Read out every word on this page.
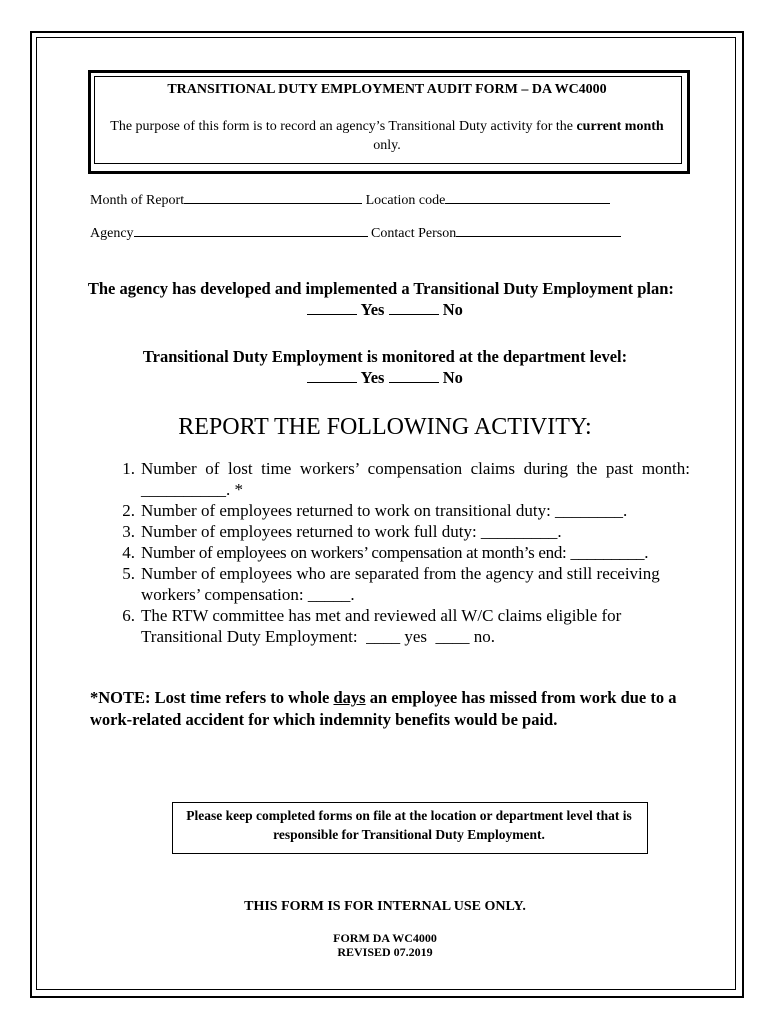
TRANSITIONAL DUTY EMPLOYMENT AUDIT FORM – DA WC4000
The purpose of this form is to record an agency’s Transitional Duty activity for the current month only.
Month of Report	Location code
Agency	Contact Person
The agency has developed and implemented a Transitional Duty Employment plan:    Yes	No
Transitional Duty Employment is monitored at the department level:
Yes	No
REPORT THE FOLLOWING ACTIVITY:
1. Number of lost time workers’ compensation claims during the past month: __________. *
2. Number of employees returned to work on transitional duty: ________.
3. Number of employees returned to work full duty: _________.
4. Number of employees on workers’ compensation at month’s end: _________.
5. Number of employees who are separated from the agency and still receiving workers’ compensation: _____.
6. The RTW committee has met and reviewed all W/C claims eligible for Transitional Duty Employment: ____ yes ____ no.
*NOTE: Lost time refers to whole days an employee has missed from work due to a work-related accident for which indemnity benefits would be paid.
Please keep completed forms on file at the location or department level that is responsible for Transitional Duty Employment.
THIS FORM IS FOR INTERNAL USE ONLY.
FORM DA WC4000
REVISED 07.2019
